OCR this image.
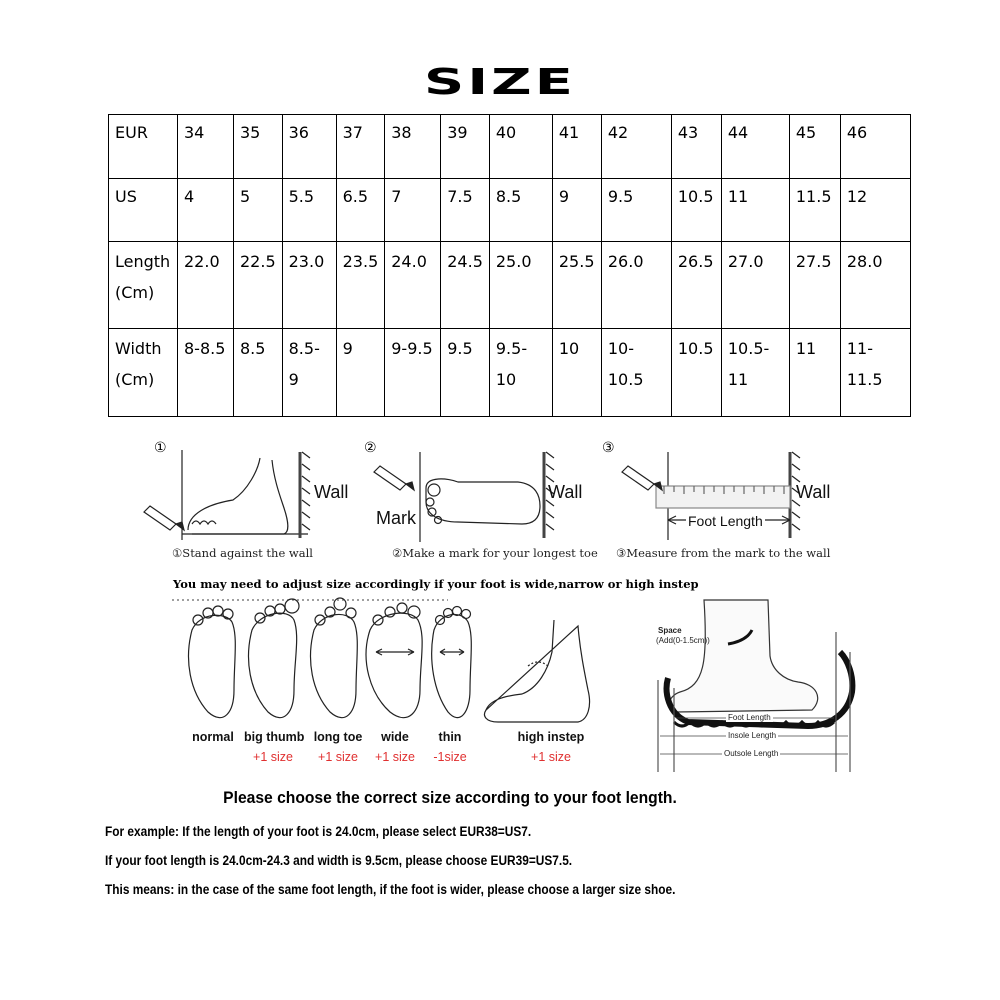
SIZE
EUR	34	35	36	37	38	39	40	41	42	43	44	45	46
US	4	5	5.5	6.5	7	7.5	8.5	9	9.5	10.5	11	11.5	12
Length
(Cm)	22.0	22.5	23.0	23.5	24.0	24.5	25.0	25.5	26.0	26.5	27.0	27.5	28.0
Width
(Cm)	8-8.5	8.5	8.5-9	9	9-9.5	9.5	9.5-10	10	10-10.5	10.5	10.5-11	11	11-11.5
①	②	③
Wall	Wall	Wall
Mark	Foot Length
①Stand against the wall	②Make a mark for your longest toe ③Measure from the mark to the wall
You may need to adjust size accordingly if your foot is wide,narrow or high instep
normal big thumb
+1 size
long toe
+1 size
wide
+1 size
thin
-1size
high instep
+1 size
Space
(Add(0-1.5cm))
Foot Length
Insole Length
Outsole Length
Please choose the correct size according to your foot length.
For example: If the length of your foot is 24.0cm, please select EUR38=US7.
If your foot length is 24.0cm-24.3 and width is 9.5cm, please choose EUR39=US7.5.
This means: in the case of the same foot length, if the foot is wider, please choose a larger size shoe.
